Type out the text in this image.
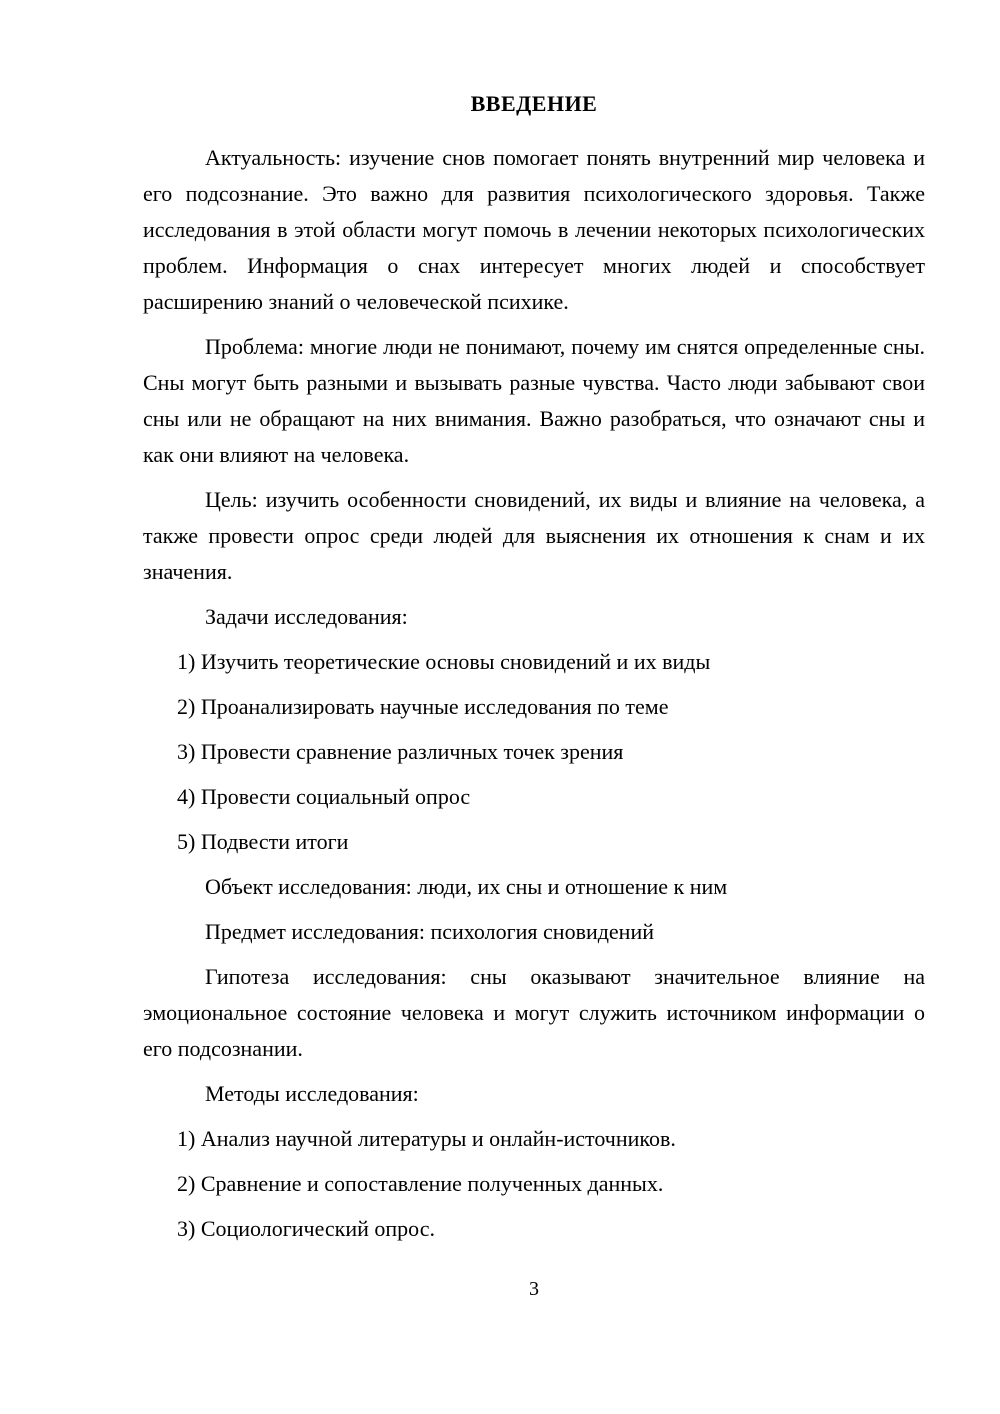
ВВЕДЕНИЕ

Актуальность: изучение снов помогает понять внутренний мир человека и его подсознание. Это важно для развития психологического здоровья. Также исследования в этой области могут помочь в лечении некоторых психологических проблем. Информация о снах интересует многих людей и способствует расширению знаний о человеческой психике.

Проблема: многие люди не понимают, почему им снятся определенные сны. Сны могут быть разными и вызывать разные чувства. Часто люди забывают свои сны или не обращают на них внимания. Важно разобраться, что означают сны и как они влияют на человека.

Цель: изучить особенности сновидений, их виды и влияние на человека, а также провести опрос среди людей для выяснения их отношения к снам и их значения.

Задачи исследования:

1) Изучить теоретические основы сновидений и их виды
2) Проанализировать научные исследования по теме
3) Провести сравнение различных точек зрения
4) Провести социальный опрос
5) Подвести итоги

Объект исследования: люди, их сны и отношение к ним

Предмет исследования: психология сновидений

Гипотеза исследования: сны оказывают значительное влияние на эмоциональное состояние человека и могут служить источником информации о его подсознании.

Методы исследования:

1) Анализ научной литературы и онлайн-источников.
2) Сравнение и сопоставление полученных данных.
3) Социологический опрос.
3
